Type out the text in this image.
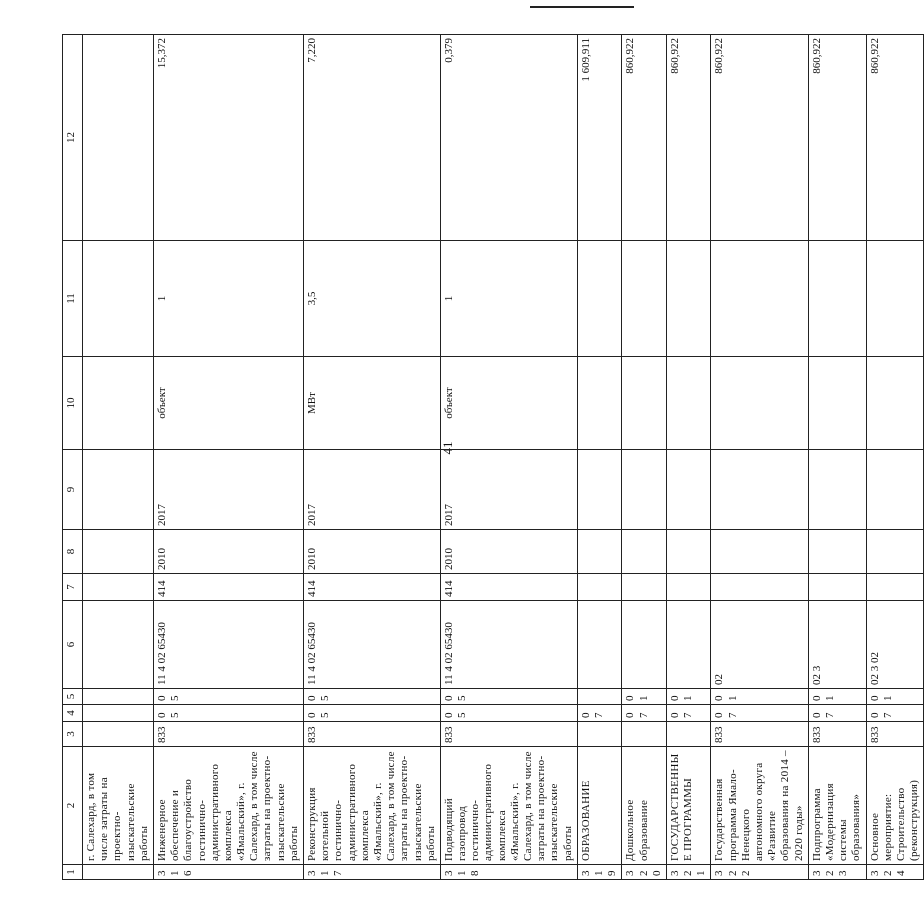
41
1	2	3	4	5	6	7	8	9	10	11	12
	г. Салехард, в том числе затраты на проектно-изыскательские работы										
316	Инженерное обеспечение и благоустройство гостинично-административного комплекса «Ямальский», г. Салехард, в том числе затраты на проектно-изыскательские работы	833	05	05	11 4 02 65430	414	2010	2017	объект	1	15,372
317	Реконструкция котельной гостинично-административного комплекса «Ямальский», г. Салехард, в том числе затраты на проектно-изыскательские работы	833	05	05	11 4 02 65430	414	2010	2017	МВт	3,5	7,220
318	Подводящий газопровод гостинично-административного комплекса «Ямальский», г. Салехард, в том числе затраты на проектно-изыскательские работы	833	05	05	11 4 02 65430	414	2010	2017	объект	1	0,379
319	ОБРАЗОВАНИЕ		07								1 609,911
320	Дошкольное образование		07	01							860,922
321	ГОСУДАРСТВЕННЫЕ ПРОГРАММЫ		07	01							860,922
322	Государственная программа Ямало-Ненецкого автономного округа «Развитие образования на 2014 – 2020 годы»	833	07	01	02						860,922
323	Подпрограмма «Модернизация системы образования»	833	07	01	02 3						860,922
324	Основное мероприятие: Строительство (реконструкция)	833	07	01	02 3 02						860,922
